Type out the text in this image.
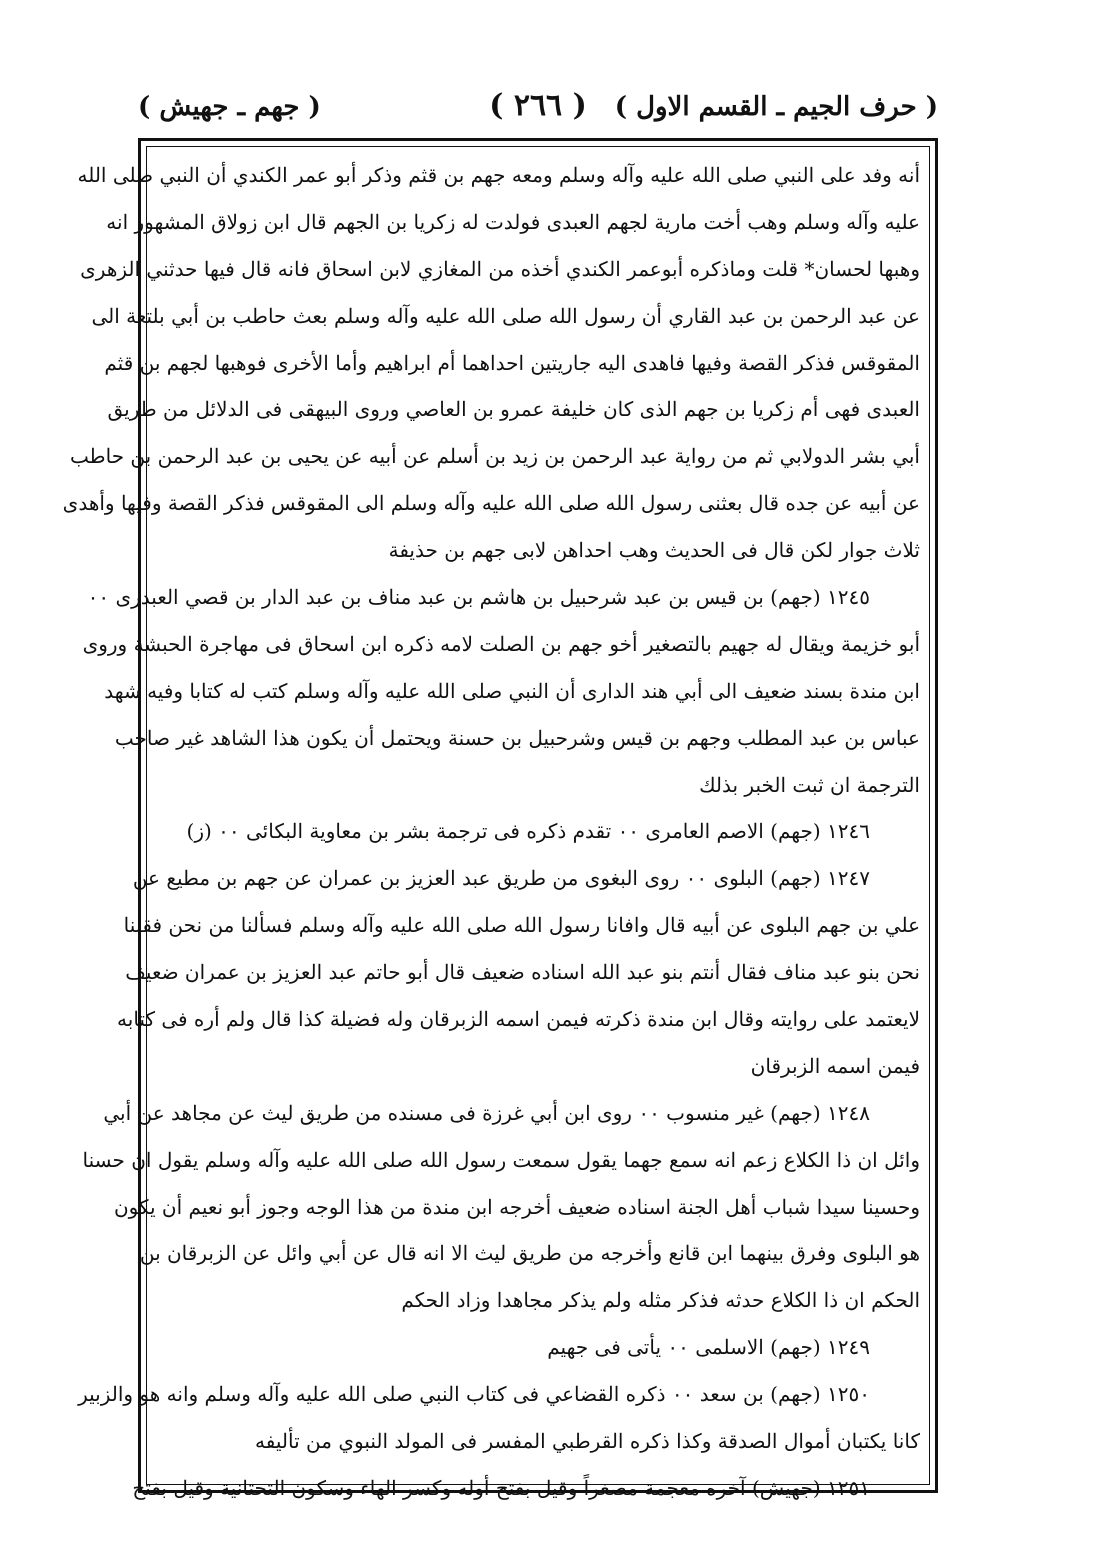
( حرف الجيم ـ القسم الاول )
( ٢٦٦ )
( جهم ـ جهيش )
أنه وفد على النبي صلى الله عليه وآله وسلم ومعه جهم بن قثم وذكر أبو عمر الكندي أن النبي صلى الله
عليه وآله وسلم وهب أخت مارية لجهم العبدى فولدت له زكريا بن الجهم قال ابن زولاق المشهور انه
وهبها لحسان* قلت وماذكره أبوعمر الكندي أخذه من المغازي لابن اسحاق فانه قال فيها حدثني الزهرى
عن عبد الرحمن بن عبد القاري أن رسول الله صلى الله عليه وآله وسلم بعث حاطب بن أبي بلتعة الى
المقوقس فذكر القصة وفيها فاهدى اليه جاريتين احداهما أم ابراهيم وأما الأخرى فوهبها لجهم بن قثم
العبدى فهى أم زكريا بن جهم الذى كان خليفة عمرو بن العاصي وروى البيهقى فى الدلائل من طريق
أبي بشر الدولابي ثم من رواية عبد الرحمن بن زيد بن أسلم عن أبيه عن يحيى بن عبد الرحمن بن حاطب
عن أبيه عن جده قال بعثنى رسول الله صلى الله عليه وآله وسلم الى المقوقس فذكر القصة وفيها وأهدى
ثلاث جوار لكن قال فى الحديث وهب احداهن لابى جهم بن حذيفة
١٢٤٥ (جهم) بن قيس بن عبد شرحبيل بن هاشم بن عبد مناف بن عبد الدار بن قصي العبدرى ٠٠
أبو خزيمة ويقال له جهيم بالتصغير أخو جهم بن الصلت لامه ذكره ابن اسحاق فى مهاجرة الحبشة وروى
ابن مندة بسند ضعيف الى أبي هند الدارى أن النبي صلى الله عليه وآله وسلم كتب له كتابا وفيه شهد
عباس بن عبد المطلب وجهم بن قيس وشرحبيل بن حسنة ويحتمل أن يكون هذا الشاهد غير صاحب
الترجمة ان ثبت الخبر بذلك
١٢٤٦ (جهم) الاصم العامرى ٠٠ تقدم ذكره فى ترجمة بشر بن معاوية البكائى ٠٠ (ز)
١٢٤٧ (جهم) البلوى ٠٠ روى البغوى من طريق عبد العزيز بن عمران عن جهم بن مطيع عن
علي بن جهم البلوى عن أبيه قال وافانا رسول الله صلى الله عليه وآله وسلم فسألنا من نحن فقلنا
نحن بنو عبد مناف فقال أنتم بنو عبد الله اسناده ضعيف قال أبو حاتم عبد العزيز بن عمران ضعيف
لايعتمد على روايته وقال ابن مندة ذكرته فيمن اسمه الزبرقان وله فضيلة كذا قال ولم أره فى كتابه
فيمن اسمه الزبرقان
١٢٤٨ (جهم) غير منسوب ٠٠ روى ابن أبي غرزة فى مسنده من طريق ليث عن مجاهد عن أبي
وائل ان ذا الكلاع زعم انه سمع جهما يقول سمعت رسول الله صلى الله عليه وآله وسلم يقول ان حسنا
وحسينا سيدا شباب أهل الجنة اسناده ضعيف أخرجه ابن مندة من هذا الوجه وجوز أبو نعيم أن يكون
هو البلوى وفرق بينهما ابن قانع وأخرجه من طريق ليث الا انه قال عن أبي وائل عن الزبرقان بن
الحكم ان ذا الكلاع حدثه فذكر مثله ولم يذكر مجاهدا وزاد الحكم
١٢٤٩ (جهم) الاسلمى ٠٠ يأتى فى جهيم
١٢٥٠ (جهم) بن سعد ٠٠ ذكره القضاعي فى كتاب النبي صلى الله عليه وآله وسلم وانه هو والزبير
كانا يكتبان أموال الصدقة وكذا ذكره القرطبي المفسر فى المولد النبوي من تأليفه
١٢٥١ (جهيش) آخره معجمة مصغراً وقيل بفتح أوله وكسر الهاء وسكون التحتانية وقيل بفتح
